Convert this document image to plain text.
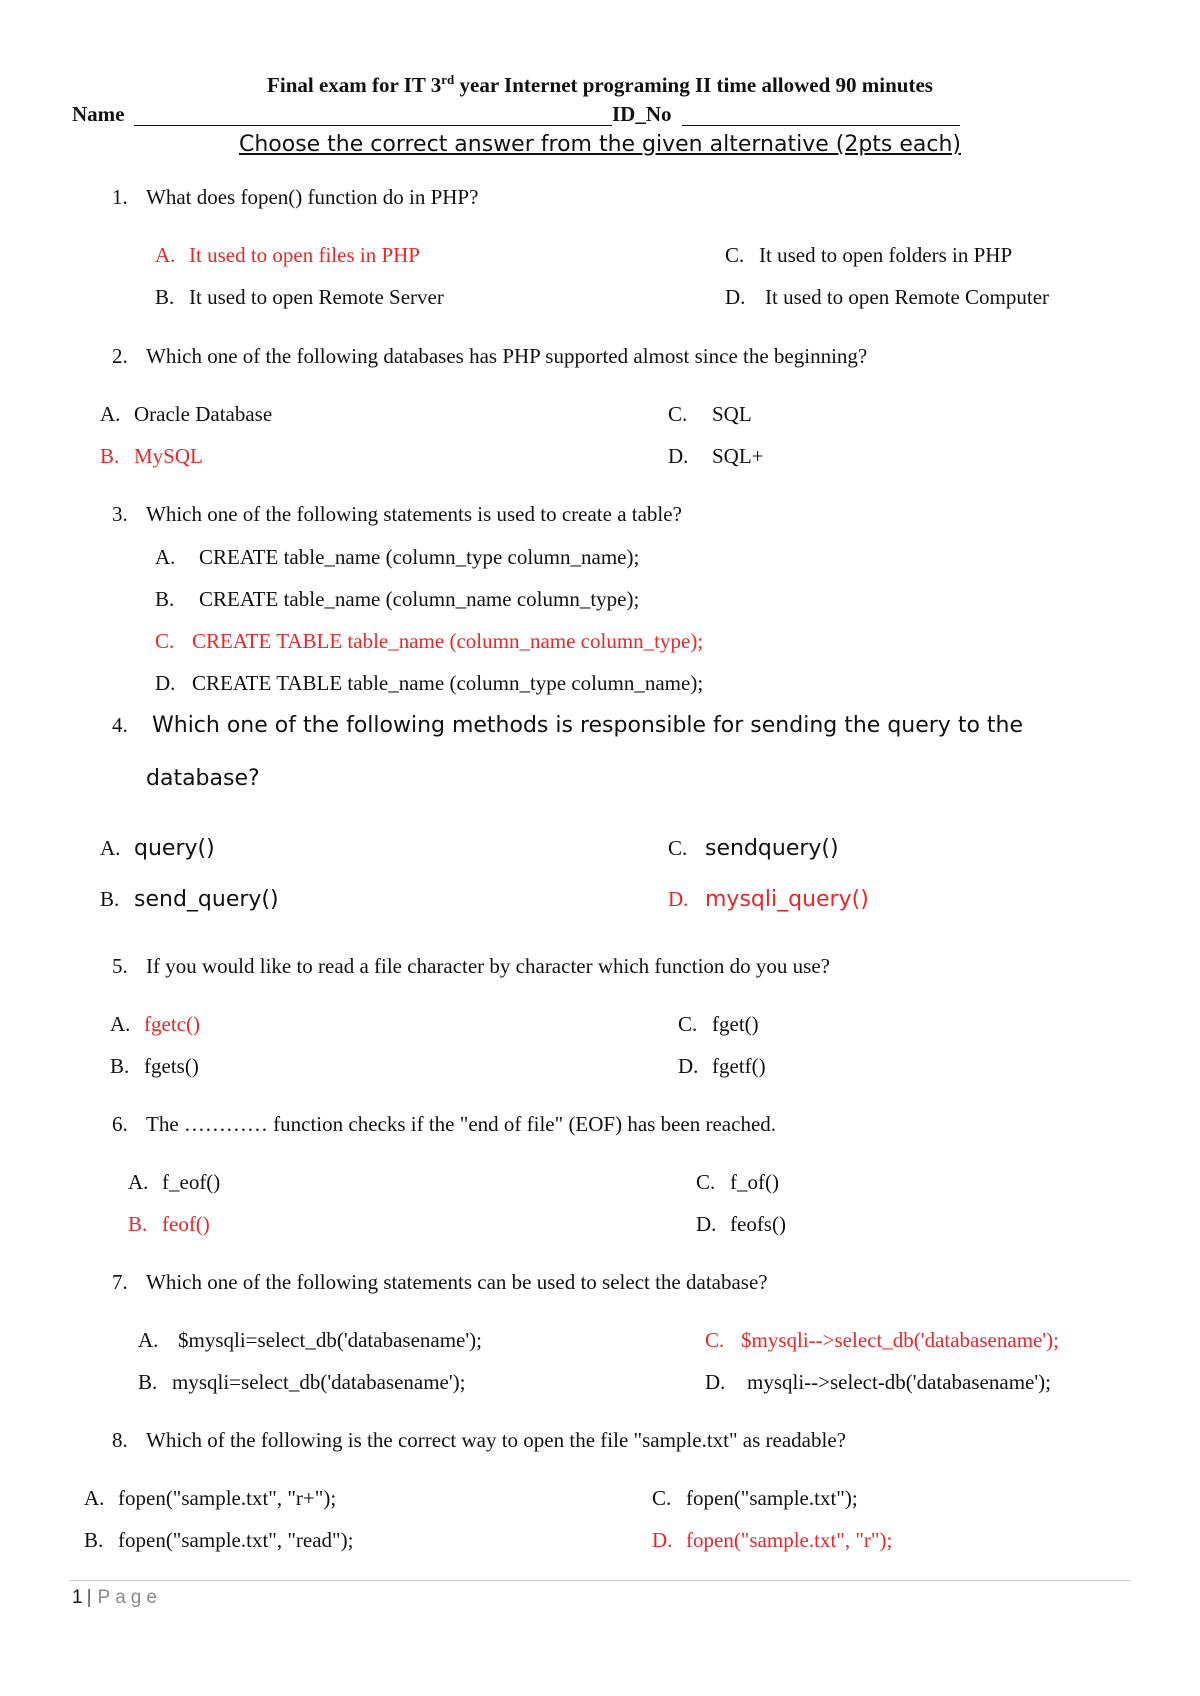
Final exam for IT 3rd year Internet programing II time allowed 90 minutes
Name	ID_No
Choose the correct answer from the given alternative (2pts each)
1. What does fopen() function do in PHP?
A. It used to open files in PHP	C. It used to open folders in PHP
B. It used to open Remote Server	D. It used to open Remote Computer
2. Which one of the following databases has PHP supported almost since the beginning?
A. Oracle Database	C. SQL
B. MySQL	D. SQL+
3. Which one of the following statements is used to create a table?
A. CREATE table_name (column_type column_name);
B. CREATE table_name (column_name column_type);
C. CREATE TABLE table_name (column_name column_type);
D. CREATE TABLE table_name (column_type column_name);
4. Which one of the following methods is responsible for sending the query to the
database?
A. query()	C. sendquery()
B. send_query()	D. mysqli_query()
5. If you would like to read a file character by character which function do you use?
A. fgetc()	C. fget()
B. fgets()	D. fgetf()
6. The ………… function checks if the "end of file" (EOF) has been reached.
A. f_eof()	C. f_of()
B. feof()	D. feofs()
7. Which one of the following statements can be used to select the database?
A. $mysqli=select_db('databasename');	C. $mysqli-->select_db('databasename');
B. mysqli=select_db('databasename');	D. mysqli-->select-db('databasename');
8. Which of the following is the correct way to open the file "sample.txt" as readable?
A. fopen("sample.txt", "r+");	C. fopen("sample.txt");
B. fopen("sample.txt", "read");	D. fopen("sample.txt", "r");
1 | Page
